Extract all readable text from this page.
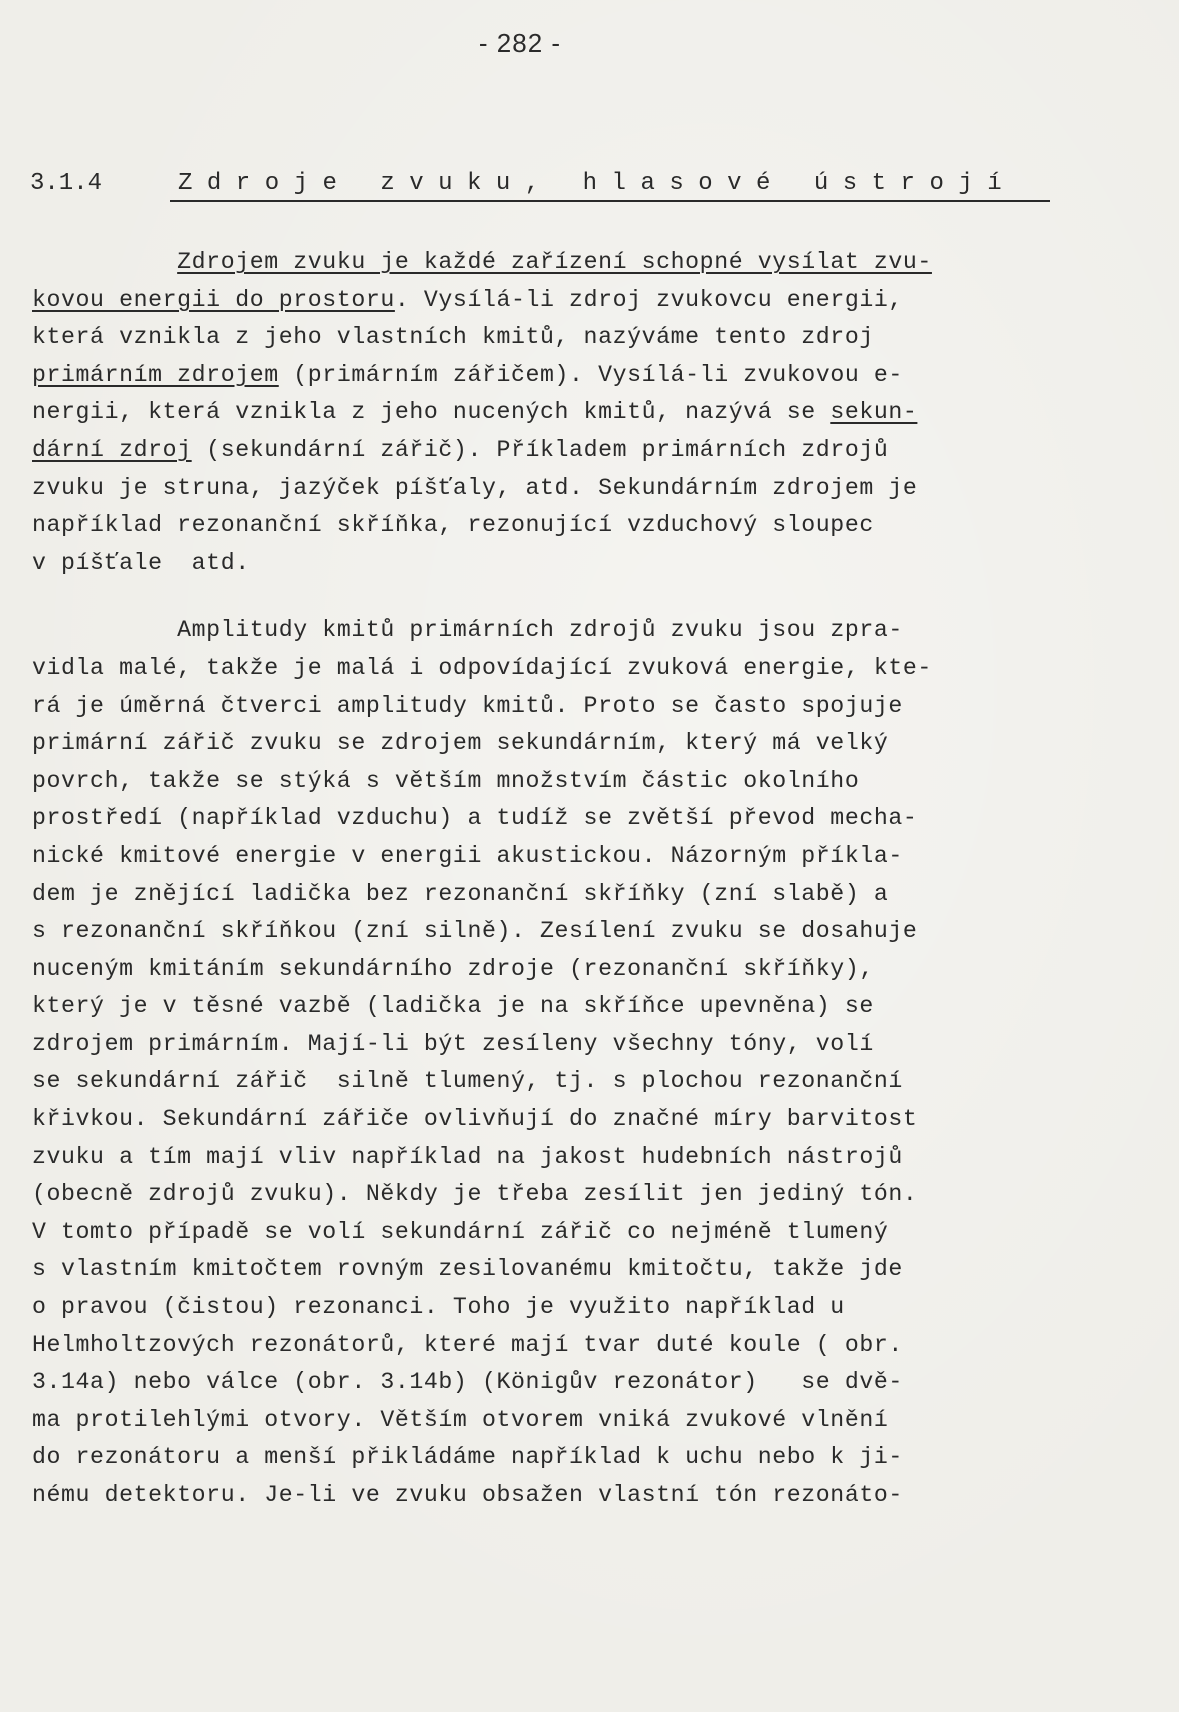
- 282 -
3.1.4	Zdroje zvuku, hlasové ústrojí
Zdrojem zvuku je každé zařízení schopné vysílat zvu-
kovou energii do prostoru. Vysílá-li zdroj zvukovcu energii,
která vznikla z jeho vlastních kmitů, nazýváme tento zdroj
primárním zdrojem (primárním zářičem). Vysílá-li zvukovou e-
nergii, která vznikla z jeho nucených kmitů, nazývá se sekun-
dární zdroj (sekundární zářič). Příkladem primárních zdrojů
zvuku je struna, jazýček píšťaly, atd. Sekundárním zdrojem je
například rezonanční skříňka, rezonující vzduchový sloupec
v píšťale  atd.
Amplitudy kmitů primárních zdrojů zvuku jsou zpra-
vidla malé, takže je malá i odpovídající zvuková energie, kte-
rá je úměrná čtverci amplitudy kmitů. Proto se často spojuje
primární zářič zvuku se zdrojem sekundárním, který má velký
povrch, takže se stýká s větším množstvím částic okolního
prostředí (například vzduchu) a tudíž se zvětší převod mecha-
nické kmitové energie v energii akustickou. Názorným příkla-
dem je znějící ladička bez rezonanční skříňky (zní slabě) a
s rezonanční skříňkou (zní silně). Zesílení zvuku se dosahuje
nuceným kmitáním sekundárního zdroje (rezonanční skříňky),
který je v těsné vazbě (ladička je na skříňce upevněna) se
zdrojem primárním. Mají-li být zesíleny všechny tóny, volí
se sekundární zářič  silně tlumený, tj. s plochou rezonanční
křivkou. Sekundární zářiče ovlivňují do značné míry barvitost
zvuku a tím mají vliv například na jakost hudebních nástrojů
(obecně zdrojů zvuku). Někdy je třeba zesílit jen jediný tón.
V tomto případě se volí sekundární zářič co nejméně tlumený
s vlastním kmitočtem rovným zesilovanému kmitočtu, takže jde
o pravou (čistou) rezonanci. Toho je využito například u
Helmholtzových rezonátorů, které mají tvar duté koule ( obr.
3.14a) nebo válce (obr. 3.14b) (Königův rezonátor)   se dvě-
ma protilehlými otvory. Větším otvorem vniká zvukové vlnění
do rezonátoru a menší přikládáme například k uchu nebo k ji-
nému detektoru. Je-li ve zvuku obsažen vlastní tón rezonáto-
